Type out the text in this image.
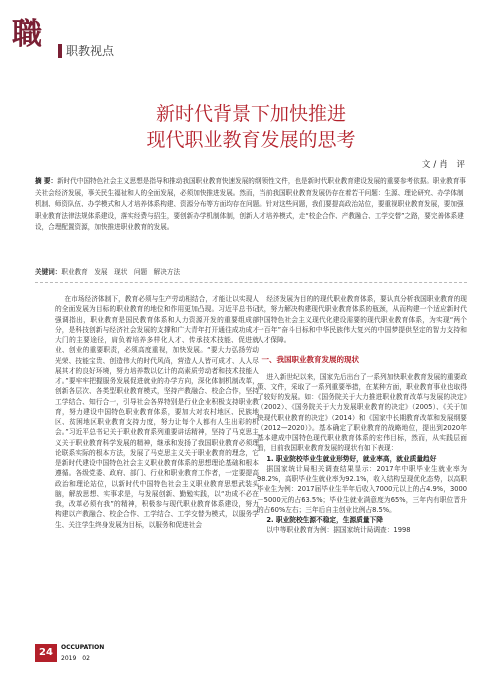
職 职教视点
新时代背景下加快推进
现代职业教育发展的思考
文/肖 评
摘 要：新时代中国特色社会主义思想是指导和推动我国职业教育快速发展的纲领性文件，也是新时代职业教育建设发展的重要参考依据。职业教育事关社会经济发展，事关民生福祉和人的全面发展，必须加快推进发展。然而，当前我国职业教育发展仍存在着若干问题：生源、理论研究、办学体制机制、师资队伍、办学模式和人才培养体系构建、资源分布等方面均存在问题。针对这些问题，我们要提高政治站位，要重视职业教育发展，要加强职业教育法律法规体系建设，落实经费与招生，要创新办学机制体制，创新人才培养模式，走“校企合作、产教融合、工学交替”之路，要完善体系建设，合理配置资源，加快推进职业教育的发展。
关键词：职业教育　发展　现状　问题　解决方法

在市场经济体制下，教育必须与生产劳动相结合，才能让以实现人的全面发展为目标的职业教育的地位和作用更加凸现。习近平总书记强调指出，职业教育是国民教育体系和人力资源开发的重要组成部分，是科技创新与经济社会发展的支撑和广大青年打开通往成功成才大门的主要途径，肩负着培养多样化人才、传承技术技能、促进就业、创业的重要职责，必须高度重视，加快发展。“要大力弘扬劳动光荣、技能宝贵、创造伟大的时代风尚，营造人人皆可成才、人人尽展其才的良好环境，努力培养数以亿计的高素质劳动者和技术技能人才。”要牢牢把握服务发展促进就业的办学方向，深化体制机制改革，创新各层次、各类型职业教育模式，坚持产教融合、校企合作，坚持工学结合、知行合一，引导社会各界特别是行业企业积极支持职业教育，努力建设中国特色职业教育体系，要加大对农村地区、民族地区、贫困地区职业教育支持力度，努力让每个人都有人生出彩的机会。”习近平总书记关于职业教育系列重要讲话精神，坚持了马克思主义关于职业教育科学发展的精神，继承和发扬了我国职业教育必须理论联系实际的根本方法，发展了马克思主义关于职业教育的理念，它是新时代建设中国特色社会主义职业教育体系的思想理论基础和根本遵循。各级党委、政府、部门、行业和职业教育工作者，一定要提高政治和理论站位，以新时代中国特色社会主义职业教育思想武装头脑，解放思想、实事求是，与发展创新、勤勉实践，以“功成不必在我，改革必须有我”的精神，积极参与现代职业教育体系建设，努力构建以产教融合、校企合作、工学结合、工学交替为模式，以服务学生、关注学生终身发展为目标，以服务和促进社会

经济发展为目的的现代职业教育体系，要认真分析我国职业教育的现状，努力解决构建现代职业教育体系的瓶颈，从而构建一个适应新时代中国特色社会主义现代化建设需要的现代职业教育体系，为实现“两个一百年”奋斗目标和中华民族伟大复兴的中国梦提供坚定的智力支持和人才保障。

一、我国职业教育发展的现状

进入新世纪以来，国家先后出台了一系列加快职业教育发展的重要政策、文件，采取了一系列重要举措，在某种方面，职业教育事业也取得了较好的发展。如：《国务院关于大力推进职业教育改革与发展的决定》（2002）、《国务院关于大力发展职业教育的决定》（2005）、《关于加快现代职业教育的决定》（2014）和《国家中长期教育改革和发展纲要（2012—2020）》。基本确定了职业教育的战略地位，提出到2020年基本建成中国特色现代职业教育体系的宏伟目标，然而，从实践层面看，目前我国职业教育发展的现状有如下表现：

1. 职业院校毕业生就业形势好，就业率高，就业质量趋好

据国家统计局相关调查结果显示：2017年中职毕业生就业率为98.2%，高职毕业生就业率为92.1%，收入结构呈现优化态势，以高职毕业生为例：2017届毕业生半年后收入7000元以上的占4.9%，3000－5000元的占63.5%；毕业生就业满意度为65%，三年内有职位晋升的占60%左右；三年后自主创业比例占8.5%。

2. 职业院校生源不稳定，生源质量下降

以中等职业教育为例：据国家统计局调查：1998

24	OCCUPATION
2019　02
